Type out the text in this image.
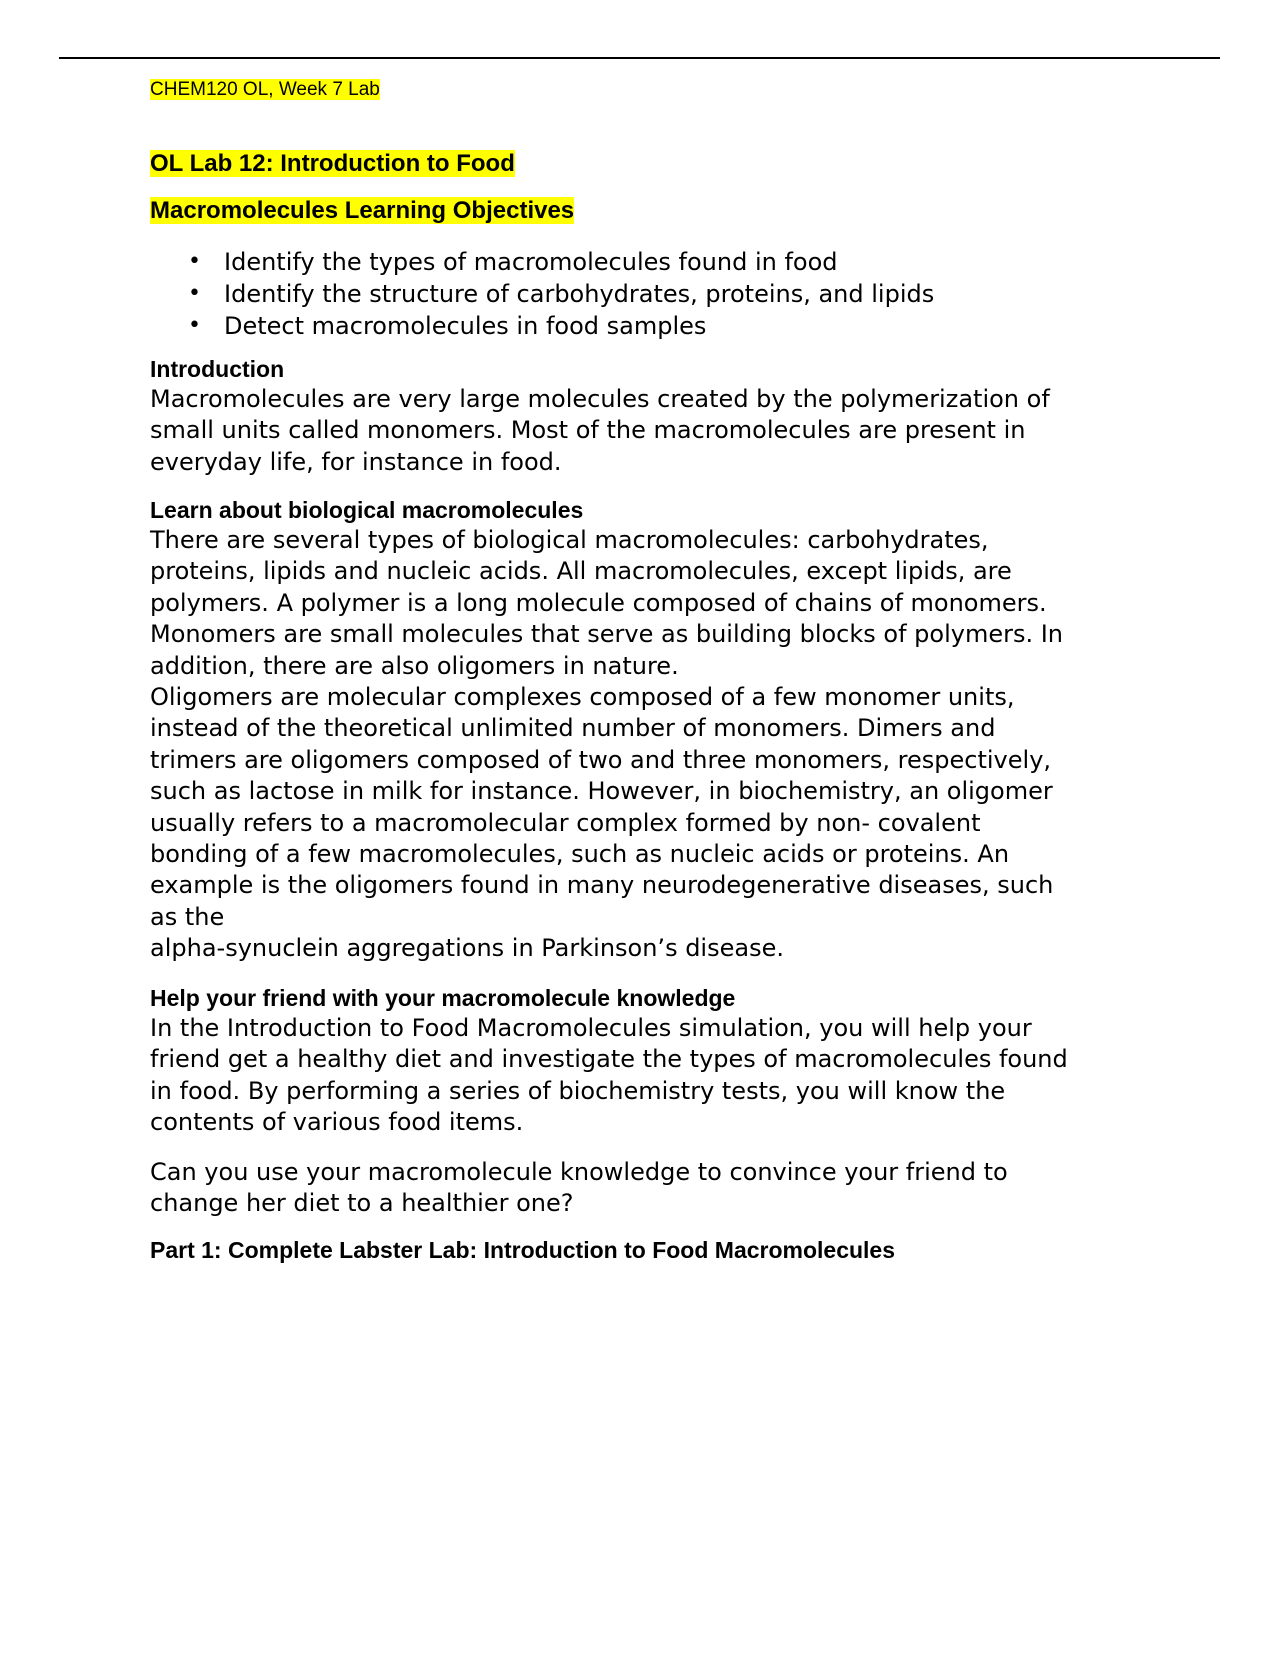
CHEM120 OL, Week 7 Lab
OL Lab 12: Introduction to Food
Macromolecules Learning Objectives
• Identify the types of macromolecules found in food
• Identify the structure of carbohydrates, proteins, and lipids
• Detect macromolecules in food samples
Introduction

Macromolecules are very large molecules created by the polymerization of
small units called monomers. Most of the macromolecules are present in
everyday life, for instance in food.

Learn about biological macromolecules

There are several types of biological macromolecules: carbohydrates,
proteins, lipids and nucleic acids. All macromolecules, except lipids, are
polymers. A polymer is a long molecule composed of chains of monomers.
Monomers are small molecules that serve as building blocks of polymers. In
addition, there are also oligomers in nature.
Oligomers are molecular complexes composed of a few monomer units,
instead of the theoretical unlimited number of monomers. Dimers and
trimers are oligomers composed of two and three monomers, respectively,
such as lactose in milk for instance. However, in biochemistry, an oligomer
usually refers to a macromolecular complex formed by non- covalent
bonding of a few macromolecules, such as nucleic acids or proteins. An
example is the oligomers found in many neurodegenerative diseases, such
as the
alpha-synuclein aggregations in Parkinson’s disease.

Help your friend with your macromolecule knowledge

In the Introduction to Food Macromolecules simulation, you will help your
friend get a healthy diet and investigate the types of macromolecules found
in food. By performing a series of biochemistry tests, you will know the
contents of various food items.

Can you use your macromolecule knowledge to convince your friend to
change her diet to a healthier one?

Part 1: Complete Labster Lab: Introduction to Food Macromolecules
